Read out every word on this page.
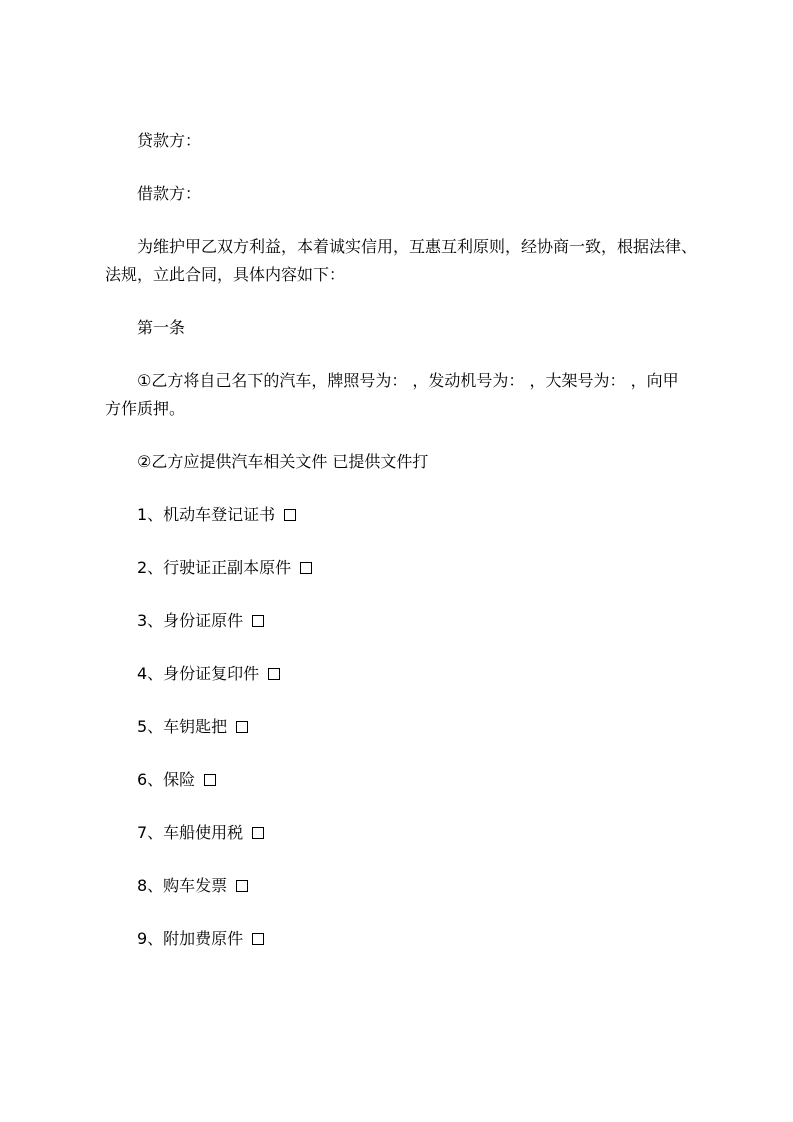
贷款方：
借款方：
为维护甲乙双方利益，本着诚实信用，互惠互利原则，经协商一致，根据法律、
法规，立此合同，具体内容如下：
第一条
①乙方将自己名下的汽车，牌照号为： ，发动机号为： ，大架号为： ，向甲
方作质押。
②乙方应提供汽车相关文件 已提供文件打
1、机动车登记证书
2、行驶证正副本原件
3、身份证原件
4、身份证复印件
5、车钥匙把
6、保险
7、车船使用税
8、购车发票
9、附加费原件
